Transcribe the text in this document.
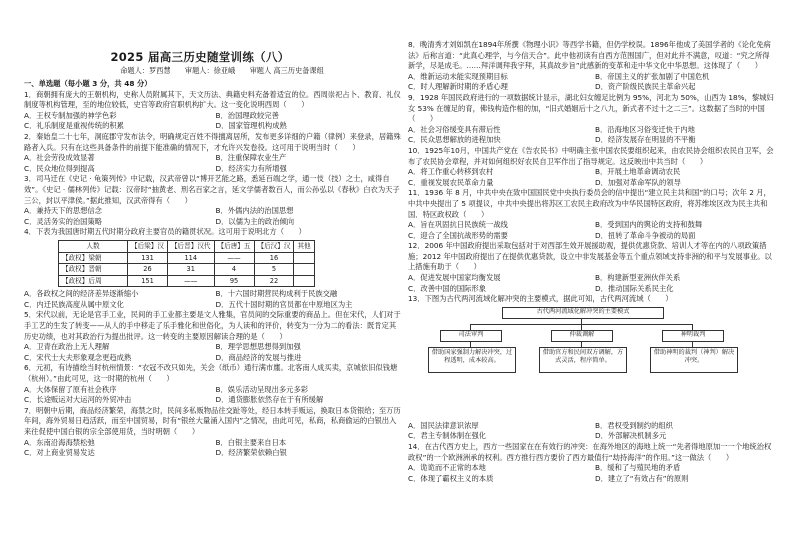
2025 届高三历史随堂训练（八）
命题人：罗西慧　　审题人：徐亚峨　　审题人 高三历史备课组
一、单选题（每小题 3 分，共 48 分）
1．商朝拥有庞大的王朝机构，史称人员附属其下，天文历法、典籍史料充备着适宜的位。西周崇祀占卜、教育、礼仪制度等机构管理，至的地位较低，史官等政府官职机构扩大。这一变化说明西周（　　）
A．王权专制加强的神学色彩	B．治国理政较完善
C．礼乐制度是重视传统的积累	D．国家管理机构成熟
2．秦始皇二十七年，洞庭郡守发布法令，明确规定百姓不得擅离居所，发布更多详细的户籍（律例）来登录，居籍殊路者入兵。只有在这些具备条件的前提下能准确的情况下，才允许兴发卷役。这可用于说明当时（　　）
A．社会劳役成效显著	B．注重保障农业生产
C．民众地位得到提高	D．经济实力有所增强
3．司马迁在《史记 · 龟策列传》中记载，汉武帝曾以“博开艺能之路，悉延百端之学，通一伎（技）之士，咸得自效”。《史记 · 儒林列传》记载：汉帝时“抽黄老、刑名百家之言，延文学儒者数百人，而公孙弘以《春秋》白衣为天子三公，封以平津侯。”据此推知，汉武帝得有（　　）
A．兼持天下的思想信念	B．外儒内法的治国思想
C．灵活务实的治国策略	D．以儒为主的政治倾向
4．下表为我国唐时期五代时期分政府主要官员的籍贯状况。这可用于说明北方（　　）
人数	【后梁】汉	【后晋】汉代	【后唐】五	【后汉】汉	其他
【政权】梁朝	131	114	——	16	
【政权】晋朝	26	31	4	5	
【政权】后周	151	——	95	22	
A．各政权之间的经济差异逐渐缩小	B．十六国时期营民构成利于民族交融
C．内迁民族高度从属中原文化	D．五代十国时期的官员都在中原地区为主
5．宋代以前，无论是官手工业，民间的手工业都主要是文人雅集，官员间的交际重要的商品上。但在宋代，人们对于手工艺的生发了转变——从人的手中移走了乐手雅化和世俗化，为人读和的评价，转变为一分为二的看法：既肯定其历史功绩，也对其政治行为提出批评。这一转变的主要原因解读合理的是（　　）
A．卫青在政治上无人理解	B．理学思想思想得到加强
C．宋代士大夫形象观念更趋成熟	D．商品经济的发展与推进
6．元初，有诗描绘当时杭州情景：“衣冠不改只如先，关会（纸币）通行满市廛。北客南人成买卖，京城依旧似钱塘（杭州）。”由此可见，这一时期的杭州（　　）
A．大体保留了原有社会秩序	B．娱乐活动呈现出多元多彩
C．长途贩运对大运河的外贸冲击	D．通货膨胀依然存在于有所缓解
7．明朝中后期，商品经济繁荣，海禁之时，民间多私贩物品往交趾等处，经日本转手贩运，换取日本货银给；至万历年间，海外贸易日趋活跃，而至中国贸易，时有“银丝大量涌入国内”之情况，由此可见，私商，私商偷运的白银出入来往促使中国白银的宗全部使用货，当时明朝（　　）
A．东南沿海海禁松弛	B．白银主要来自日本
C．对上商业贸易发达	D．经济繁荣依赖白银
8．晚清秀才刘如凯在1894年所撰《物理小识》等西学书籍，但仍学校误。1896年他成了美国学者的《论化免病法》后称言道：“此真心理学，与今信天合”。此中他初读有自西方范围国广，但对此并不满意，叹道：“究之所得新学，尽是成毛。……拜洋调拜我宇拜，其真故步旨”此感新的变革和走中华文化中华思想。这体现了（　　）
A．维新运动未能实现预期目标	B．帝国主义的扩张加剧了中国危机
C．时人理解新时期的矛盾心理	D．资产阶级民族民主革命兴起
9．1928 年国民政府进行的一项数据统计显示，湖北妇女缠足比例为 95%，河北为 50%，山西为 18%，黎城妇女 53% 在缠足的育，佛钱构造作相的加，“旧式婚姻后十之八九，新式者不过十之二三”。这数据了当时的中国（　　）
A．社会习俗缓变具有滞后性	B．沿海地区习俗变迁快于内地
C．民众思想解放的进程加快	D．经济发展存在明显的不平衡
10．1925年10月，中国共产党在《告农民书》中明确主张中国农民要组织起来，由农民协会组织农民自卫军，会布了农民协会章程，并对如何组织好农民自卫军作出了指导规定。这反映出中共当时（　　）
A．将工作重心转移到农村	B．开展土地革命调动农民
C．重视发展农民革命力量	D．加强对革命军队的领导
11．1936 年 8 月，中共中央在致中国国民党中央执行委员会的信中提出“建立民主共和国”的口号；次年 2 月，中共中央提出了 5 项提议，中共中央提出将苏区工农民主政府改为中华民国特区政府，将苏维埃区改为民主共和国．特区政权政（　　）
A．旨在巩固抗日民族统一战线	B．受到国内的舆论的支持和鼓舞
C．迎合了全国抗战形势的需要	D．扭转了革命斗争被动的局面
12．2006 年中国政府提出采取包括对于对西部生效开展援助观，提供优惠贷款、培训人才等在内的八项政策措施；2012 年中国政府提出了在提供优惠贷款，设立中非发展基金等五个重点领域支持非洲的和平与发展事业。以上措施有助于（　　）
A．促进发展中国家均衡发展	B．构建新型亚洲伙伴关系
C．改善中国的国际形象	D．推动国际关系民主化
13．下图为古代两河流域化解冲突的主要模式，据此可知，古代两河流域（　　）
古代两河流域化解冲突的主要模式
司法审判	仲裁调解	神明裁判
借助国家强制力解决冲突，过程透明，成本较高。
借助官方和民间双方调解，方式灵活，程序简单。
借助神明的裁判（神判）解决冲突。
A．国民法律意识浓厚	B．君权受到制约的组织
C．君主专制体制在强化	D．外部解决机制多元
14．在古代西方史上，西方一些国家在在有效行的冲突：在海外地区的海地上统一“先者得地原加一一个地统治权政权”的一个欧洲洲承的权利。西方推行西方要价了西方最值行“劫持海洋”的作用。”这一做法（　　）
A．诡诡而不正常的本地	B．缓和了与殖民地的矛盾
C．体现了霸权主义的本质	D．建立了“有效占有”的原则
